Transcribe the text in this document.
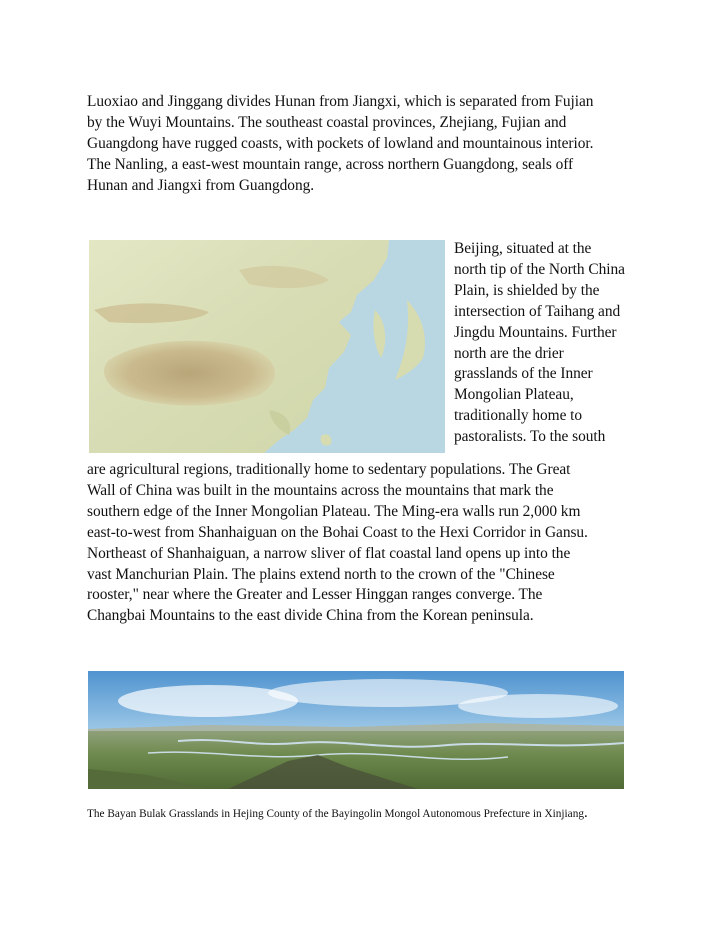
Luoxiao and Jinggang divides Hunan from Jiangxi, which is separated from Fujian
by the Wuyi Mountains. The southeast coastal provinces, Zhejiang, Fujian and
Guangdong have rugged coasts, with pockets of lowland and mountainous interior.
The Nanling, a east-west mountain range, across northern Guangdong, seals off
Hunan and Jiangxi from Guangdong.
Beijing, situated at the
north tip of the North China
Plain, is shielded by the
intersection of Taihang and
Jingdu Mountains. Further
north are the drier
grasslands of the Inner
Mongolian Plateau,
traditionally home to
pastoralists. To the south
are agricultural regions, traditionally home to sedentary populations. The Great
Wall of China was built in the mountains across the mountains that mark the
southern edge of the Inner Mongolian Plateau. The Ming-era walls run 2,000 km
east-to-west from Shanhaiguan on the Bohai Coast to the Hexi Corridor in Gansu.
Northeast of Shanhaiguan, a narrow sliver of flat coastal land opens up into the
vast Manchurian Plain. The plains extend north to the crown of the "Chinese
rooster," near where the Greater and Lesser Hinggan ranges converge. The
Changbai Mountains to the east divide China from the Korean peninsula.
The Bayan Bulak Grasslands in Hejing County of the Bayingolin Mongol Autonomous Prefecture in Xinjiang.
